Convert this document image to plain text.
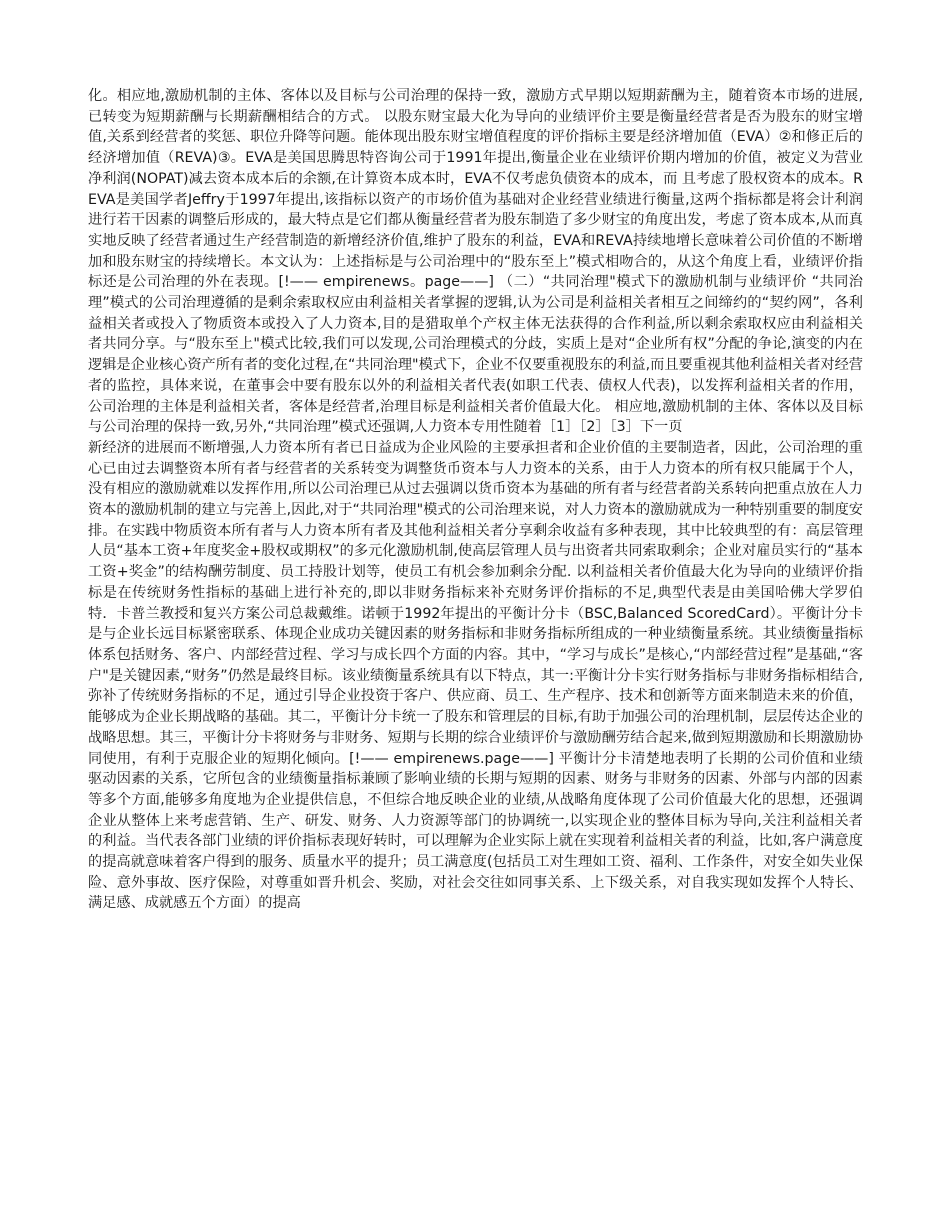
化。相应地,激励机制的主体、客体以及目标与公司治理的保持一致，激励方式早期以短期薪酬为主，随着资本市场的进展,已转变为短期薪酬与长期薪酬相结合的方式。 以股东财宝最大化为导向的业绩评价主要是衡量经营者是否为股东的财宝增值,关系到经营者的奖惩、职位升降等问题。能体现出股东财宝增值程度的评价指标主要是经济增加值（EVA）②和修正后的经济增加值（REVA)③。EVA是美国思腾思特咨询公司于1991年提出,衡量企业在业绩评价期内增加的价值，被定义为营业净利润(NOPAT)减去资本成本后的余额,在计算资本成本时，EVA不仅考虑负债资本的成本，而 且考虑了股权资本的成本。REVA是美国学者Jeffry于1997年提出,该指标以资产的市场价值为基础对企业经营业绩进行衡量,这两个指标都是将会计利润进行若干因素的调整后形成的，最大特点是它们都从衡量经营者为股东制造了多少财宝的角度出发，考虑了资本成本,从而真实地反映了经营者通过生产经营制造的新增经济价值,维护了股东的利益，EVA和REVA持续地增长意味着公司价值的不断增加和股东财宝的持续增长。本文认为：上述指标是与公司治理中的“股东至上”模式相吻合的，从这个角度上看，业绩评价指标还是公司治理的外在表现。[!—— empirenews。page——] （二）“共同治理"模式下的激励机制与业绩评价 “共同治理”模式的公司治理遵循的是剩余索取权应由利益相关者掌握的逻辑,认为公司是利益相关者相互之间缔约的“契约网”，各利益相关者或投入了物质资本或投入了人力资本,目的是猎取单个产权主体无法获得的合作利益,所以剩余索取权应由利益相关者共同分享。与“股东至上"模式比较,我们可以发现,公司治理模式的分歧，实质上是对“企业所有权”分配的争论,演变的内在逻辑是企业核心资产所有者的变化过程,在“共同治理"模式下，企业不仅要重视股东的利益,而且要重视其他利益相关者对经营者的监控，具体来说，在董事会中要有股东以外的利益相关者代表(如职工代表、债权人代表)，以发挥利益相关者的作用，公司治理的主体是利益相关者，客体是经营者,治理目标是利益相关者价值最大化。 相应地,激励机制的主体、客体以及目标与公司治理的保持一致,另外,“共同治理”模式还强调,人力资本专用性随着［1］［2］［3］下一页

新经济的进展而不断增强,人力资本所有者已日益成为企业风险的主要承担者和企业价值的主要制造者，因此，公司治理的重心已由过去调整资本所有者与经营者的关系转变为调整货币资本与人力资本的关系，由于人力资本的所有权只能属于个人，没有相应的激励就难以发挥作用,所以公司治理已从过去强调以货币资本为基础的所有者与经营者韵关系转向把重点放在人力资本的激励机制的建立与完善上,因此,对于“共同治理"模式的公司治理来说，对人力资本的激励就成为一种特别重要的制度安排。在实践中物质资本所有者与人力资本所有者及其他利益相关者分享剩余收益有多种表现，其中比较典型的有：高层管理人员“基本工资+年度奖金+股权或期权”的多元化激励机制,使高层管理人员与出资者共同索取剩余；企业对雇员实行的“基本工资+奖金”的结构酬劳制度、员工持股计划等，使员工有机会参加剩余分配. 以利益相关者价值最大化为导向的业绩评价指标是在传统财务性指标的基础上进行补充的,即以非财务指标来补充财务评价指标的不足,典型代表是由美国哈佛大学罗伯特．卡普兰教授和复兴方案公司总裁戴维。诺顿于1992年提出的平衡计分卡（BSC,Balanced ScoredCard）。平衡计分卡是与企业长远目标紧密联系、体现企业成功关键因素的财务指标和非财务指标所组成的一种业绩衡量系统。其业绩衡量指标 体系包括财务、客户、内部经营过程、学习与成长四个方面的内容。其中，“学习与成长”是核心,“内部经营过程”是基础,“客户"是关键因素,“财务”仍然是最终目标。该业绩衡量系统具有以下特点，其一:平衡计分卡实行财务指标与非财务指标相结合,弥补了传统财务指标的不足，通过引导企业投资于客户、供应商、员工、生产程序、技术和创新等方面来制造未来的价值，能够成为企业长期战略的基础。其二，平衡计分卡统一了股东和管理层的目标,有助于加强公司的治理机制，层层传达企业的战略思想。其三，平衡计分卡将财务与非财务、短期与长期的综合业绩评价与激励酬劳结合起来,做到短期激励和长期激励协同使用，有利于克服企业的短期化倾向。[!—— empirenews.page——] 平衡计分卡清楚地表明了长期的公司价值和业绩驱动因素的关系，它所包含的业绩衡量指标兼顾了影响业绩的长期与短期的因素、财务与非财务的因素、外部与内部的因素等多个方面,能够多角度地为企业提供信息，不但综合地反映企业的业绩,从战略角度体现了公司价值最大化的思想，还强调企业从整体上来考虑营销、生产、研发、财务、人力资源等部门的协调统一,以实现企业的整体目标为导向,关注利益相关者的利益。当代表各部门业绩的评价指标表现好转时，可以理解为企业实际上就在实现着利益相关者的利益，比如,客户满意度的提高就意味着客户得到的服务、质量水平的提升；员工满意度(包括员工对生理如工资、福利、工作条件，对安全如失业保险、意外事故、医疗保险，对尊重如晋升机会、奖励，对社会交往如同事关系、上下级关系，对自我实现如发挥个人特长、满足感、成就感五个方面）的提高
